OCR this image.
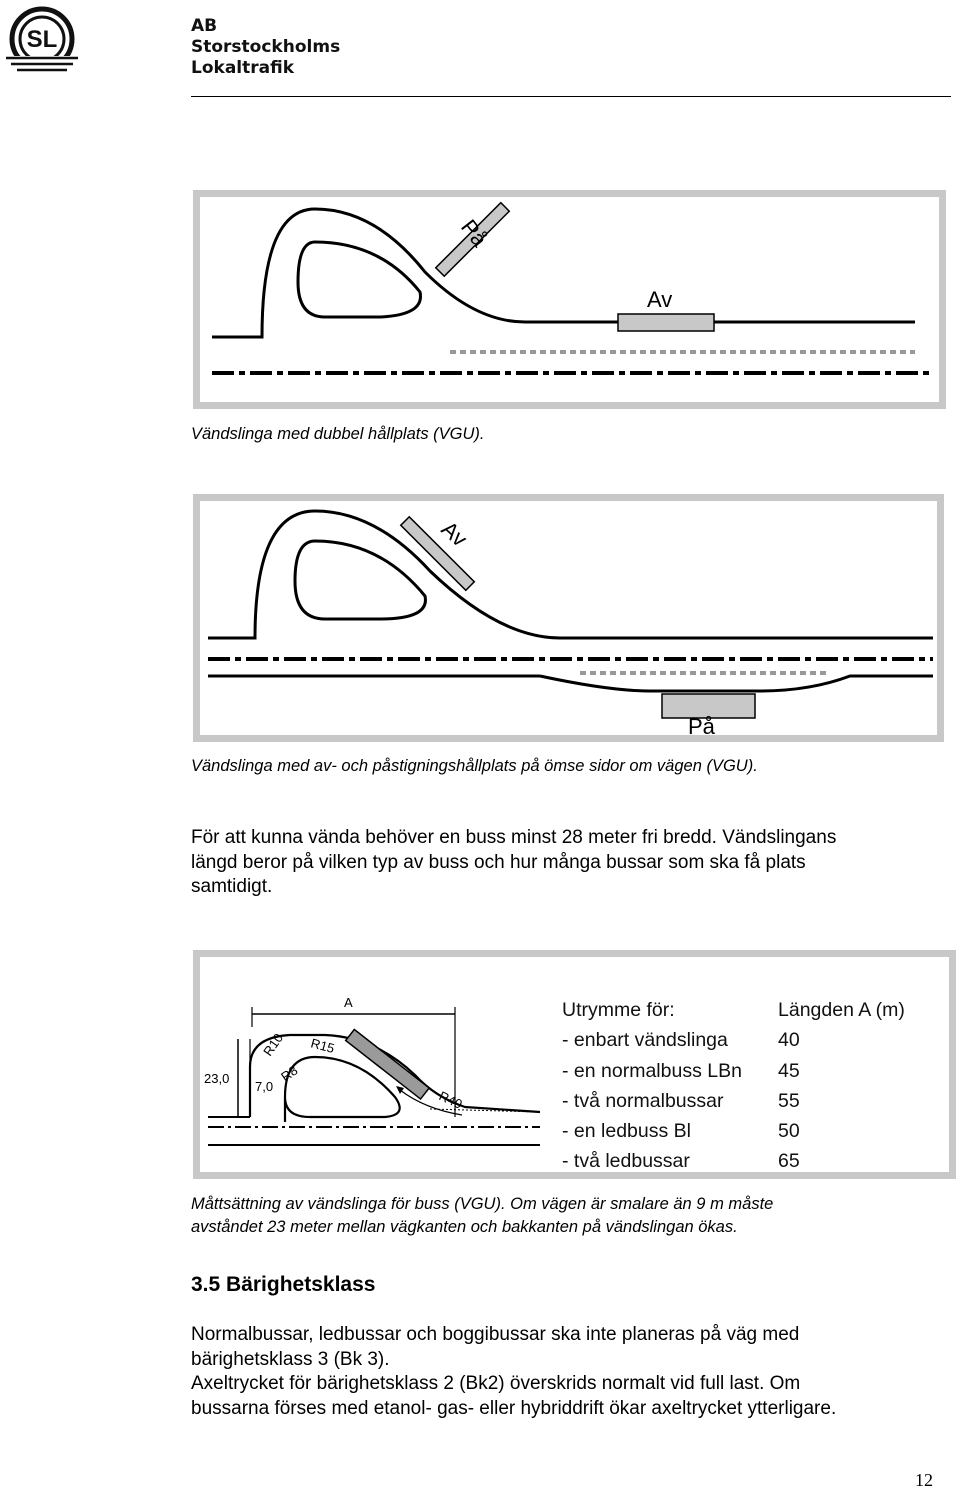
SL	AB
Storstockholms
Lokaltrafik
På
Av
Vändslinga med dubbel hållplats (VGU).
Av
På
Vändslinga med av- och påstigningshållplats på ömse sidor om vägen (VGU).
För att kunna vända behöver en buss minst 28 meter fri bredd. Vändslingans
längd beror på vilken typ av buss och hur många bussar som ska få plats
samtidigt.
A
23,0
7,0
R10 R15
R8
R40
Utrymme för:	Längden A (m)
- enbart vändslinga	40
- en normalbuss LBn 45
- två normalbussar	55
- en ledbuss Bl	50
- två ledbussar	65
Måttsättning av vändslinga för buss (VGU). Om vägen är smalare än 9 m måste
avståndet 23 meter mellan vägkanten och bakkanten på vändslingan ökas.
3.5 Bärighetsklass
Normalbussar, ledbussar och boggibussar ska inte planeras på väg med
bärighetsklass 3 (Bk 3).
Axeltrycket för bärighetsklass 2 (Bk2) överskrids normalt vid full last. Om
bussarna förses med etanol- gas- eller hybriddrift ökar axeltrycket ytterligare.
12
